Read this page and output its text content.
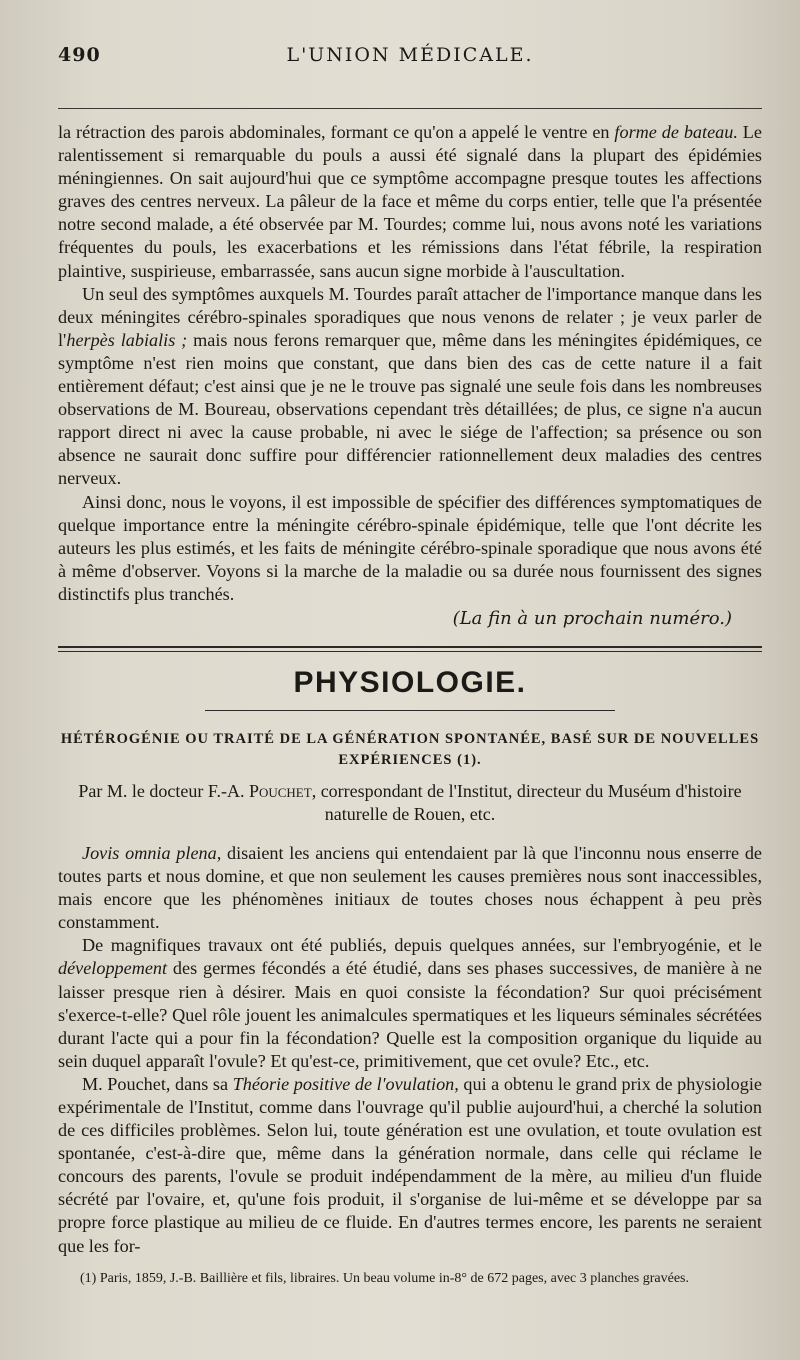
490	L'UNION MÉDICALE.

la rétraction des parois abdominales, formant ce qu'on a appelé le ventre en forme de bateau. Le ralentissement si remarquable du pouls a aussi été signalé dans la plupart des épidémies méningiennes. On sait aujourd'hui que ce symptôme accompagne presque toutes les affections graves des centres nerveux. La pâleur de la face et même du corps entier, telle que l'a présentée notre second malade, a été observée par M. Tourdes; comme lui, nous avons noté les variations fréquentes du pouls, les exacerbations et les rémissions dans l'état fébrile, la respiration plaintive, suspirieuse, embarrassée, sans aucun signe morbide à l'auscultation.

Un seul des symptômes auxquels M. Tourdes paraît attacher de l'importance manque dans les deux méningites cérébro-spinales sporadiques que nous venons de relater ; je veux parler de l'herpès labialis ; mais nous ferons remarquer que, même dans les méningites épidémiques, ce symptôme n'est rien moins que constant, que dans bien des cas de cette nature il a fait entièrement défaut; c'est ainsi que je ne le trouve pas signalé une seule fois dans les nombreuses observations de M. Boureau, observations cependant très détaillées; de plus, ce signe n'a aucun rapport direct ni avec la cause probable, ni avec le siége de l'affection; sa présence ou son absence ne saurait donc suffire pour différencier rationnellement deux maladies des centres nerveux.

Ainsi donc, nous le voyons, il est impossible de spécifier des différences symptomatiques de quelque importance entre la méningite cérébro-spinale épidémique, telle que l'ont décrite les auteurs les plus estimés, et les faits de méningite cérébro-spinale sporadique que nous avons été à même d'observer. Voyons si la marche de la maladie ou sa durée nous fournissent des signes distinctifs plus tranchés.

(La fin à un prochain numéro.)
PHYSIOLOGIE.
HÉTÉROGÉNIE OU TRAITÉ DE LA GÉNÉRATION SPONTANÉE, BASÉ SUR DE NOUVELLES EXPÉRIENCES (1).
Par M. le docteur F.-A. Pouchet, correspondant de l'Institut, directeur du Muséum d'histoire naturelle de Rouen, etc.

Jovis omnia plena, disaient les anciens qui entendaient par là que l'inconnu nous enserre de toutes parts et nous domine, et que non seulement les causes premières nous sont inaccessibles, mais encore que les phénomènes initiaux de toutes choses nous échappent à peu près constamment.

De magnifiques travaux ont été publiés, depuis quelques années, sur l'embryogénie, et le développement des germes fécondés a été étudié, dans ses phases successives, de manière à ne laisser presque rien à désirer. Mais en quoi consiste la fécondation? Sur quoi précisément s'exerce-t-elle? Quel rôle jouent les animalcules spermatiques et les liqueurs séminales sécrétées durant l'acte qui a pour fin la fécondation? Quelle est la composition organique du liquide au sein duquel apparaît l'ovule? Et qu'est-ce, primitivement, que cet ovule? Etc., etc.

M. Pouchet, dans sa Théorie positive de l'ovulation, qui a obtenu le grand prix de physiologie expérimentale de l'Institut, comme dans l'ouvrage qu'il publie aujourd'hui, a cherché la solution de ces difficiles problèmes. Selon lui, toute génération est une ovulation, et toute ovulation est spontanée, c'est-à-dire que, même dans la génération normale, dans celle qui réclame le concours des parents, l'ovule se produit indépendamment de la mère, au milieu d'un fluide sécrété par l'ovaire, et, qu'une fois produit, il s'organise de lui-même et se développe par sa propre force plastique au milieu de ce fluide. En d'autres termes encore, les parents ne seraient que les for-

(1) Paris, 1859, J.-B. Baillière et fils, libraires. Un beau volume in-8° de 672 pages, avec 3 planches gravées.
